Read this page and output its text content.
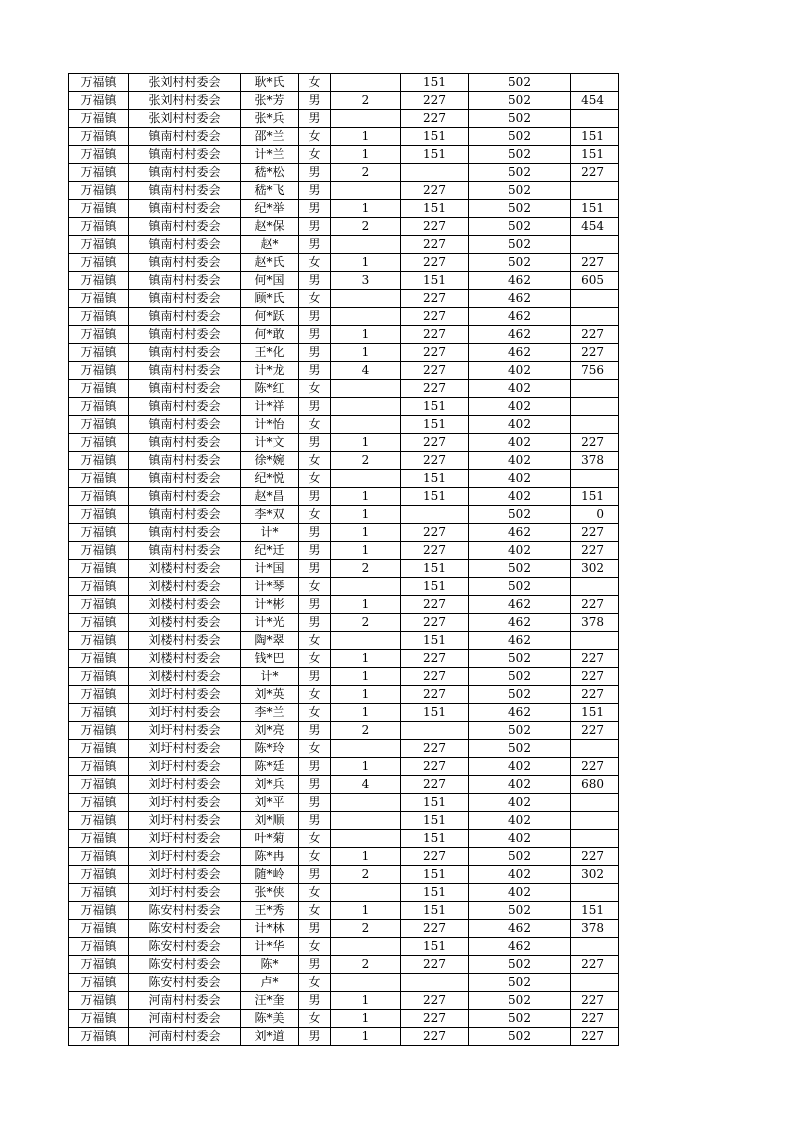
万福镇	张刘村村委会	耿*氏	女		151	502	
万福镇	张刘村村委会	张*芳	男	2	227	502	454
万福镇	张刘村村委会	张*兵	男		227	502	
万福镇	镇南村村委会	邵*兰	女	1	151	502	151
万福镇	镇南村村委会	计*兰	女	1	151	502	151
万福镇	镇南村村委会	嵇*松	男	2		502	227
万福镇	镇南村村委会	嵇*飞	男		227	502	
万福镇	镇南村村委会	纪*举	男	1	151	502	151
万福镇	镇南村村委会	赵*保	男	2	227	502	454
万福镇	镇南村村委会	赵*	男		227	502	
万福镇	镇南村村委会	赵*氏	女	1	227	502	227
万福镇	镇南村村委会	何*国	男	3	151	462	605
万福镇	镇南村村委会	顾*氏	女		227	462	
万福镇	镇南村村委会	何*跃	男		227	462	
万福镇	镇南村村委会	何*敢	男	1	227	462	227
万福镇	镇南村村委会	王*化	男	1	227	462	227
万福镇	镇南村村委会	计*龙	男	4	227	402	756
万福镇	镇南村村委会	陈*红	女		227	402	
万福镇	镇南村村委会	计*祥	男		151	402	
万福镇	镇南村村委会	计*怡	女		151	402	
万福镇	镇南村村委会	计*文	男	1	227	402	227
万福镇	镇南村村委会	徐*婉	女	2	227	402	378
万福镇	镇南村村委会	纪*悦	女		151	402	
万福镇	镇南村村委会	赵*昌	男	1	151	402	151
万福镇	镇南村村委会	李*双	女	1		502	0
万福镇	镇南村村委会	计*	男	1	227	462	227
万福镇	镇南村村委会	纪*迁	男	1	227	402	227
万福镇	刘楼村村委会	计*国	男	2	151	502	302
万福镇	刘楼村村委会	计*琴	女		151	502	
万福镇	刘楼村村委会	计*彬	男	1	227	462	227
万福镇	刘楼村村委会	计*光	男	2	227	462	378
万福镇	刘楼村村委会	陶*翠	女		151	462	
万福镇	刘楼村村委会	钱*巴	女	1	227	502	227
万福镇	刘楼村村委会	计*	男	1	227	502	227
万福镇	刘圩村村委会	刘*英	女	1	227	502	227
万福镇	刘圩村村委会	李*兰	女	1	151	462	151
万福镇	刘圩村村委会	刘*亮	男	2		502	227
万福镇	刘圩村村委会	陈*玲	女		227	502	
万福镇	刘圩村村委会	陈*廷	男	1	227	402	227
万福镇	刘圩村村委会	刘*兵	男	4	227	402	680
万福镇	刘圩村村委会	刘*平	男		151	402	
万福镇	刘圩村村委会	刘*顺	男		151	402	
万福镇	刘圩村村委会	叶*菊	女		151	402	
万福镇	刘圩村村委会	陈*冉	女	1	227	502	227
万福镇	刘圩村村委会	随*岭	男	2	151	402	302
万福镇	刘圩村村委会	张*侠	女		151	402	
万福镇	陈安村村委会	王*秀	女	1	151	502	151
万福镇	陈安村村委会	计*林	男	2	227	462	378
万福镇	陈安村村委会	计*华	女		151	462	
万福镇	陈安村村委会	陈*	男	2	227	502	227
万福镇	陈安村村委会	卢*	女			502	
万福镇	河南村村委会	汪*奎	男	1	227	502	227
万福镇	河南村村委会	陈*美	女	1	227	502	227
万福镇	河南村村委会	刘*道	男	1	227	502	227
